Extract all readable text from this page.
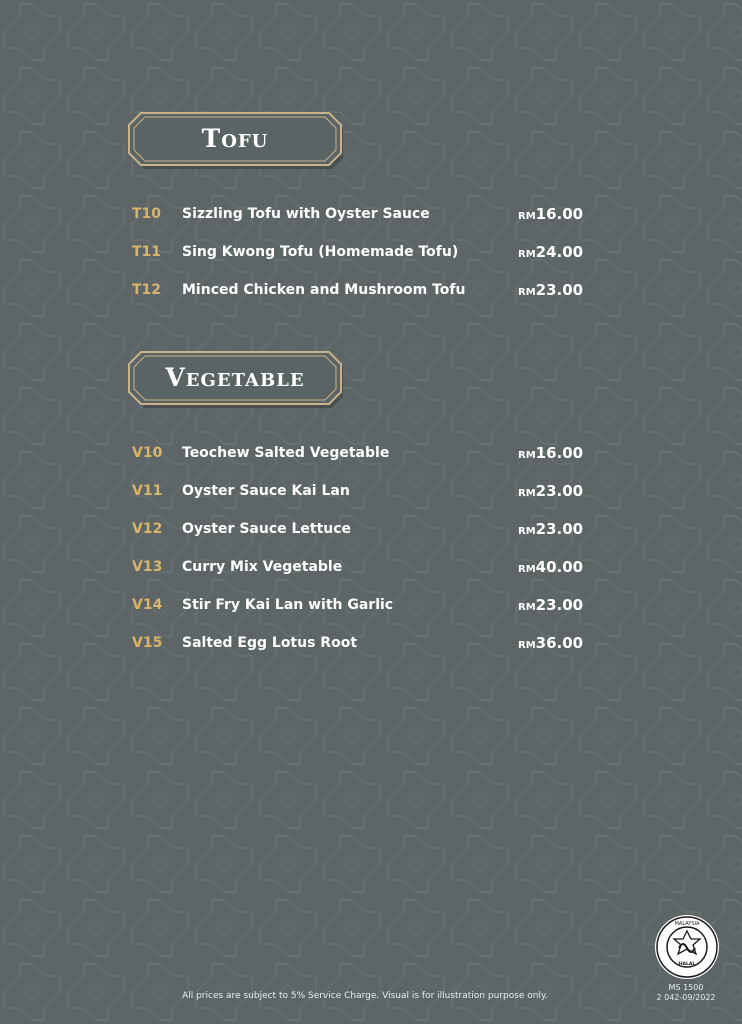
Tofu
T10 Sizzling Tofu with Oyster Sauce	RM16.00
T11 Sing Kwong Tofu (Homemade Tofu)	RM24.00
T12 Minced Chicken and Mushroom Tofu	RM23.00
Vegetable
V10 Teochew Salted Vegetable	RM16.00
V11 Oyster Sauce Kai Lan	RM23.00
V12 Oyster Sauce Lettuce	RM23.00
V13 Curry Mix Vegetable	RM40.00
V14 Stir Fry Kai Lan with Garlic	RM23.00
V15 Salted Egg Lotus Root	RM36.00
All prices are subject to 5% Service Charge. Visual is for illustration purpose only.
MALAYSIA
HALAL
MS 1500
2 042-09/2022
